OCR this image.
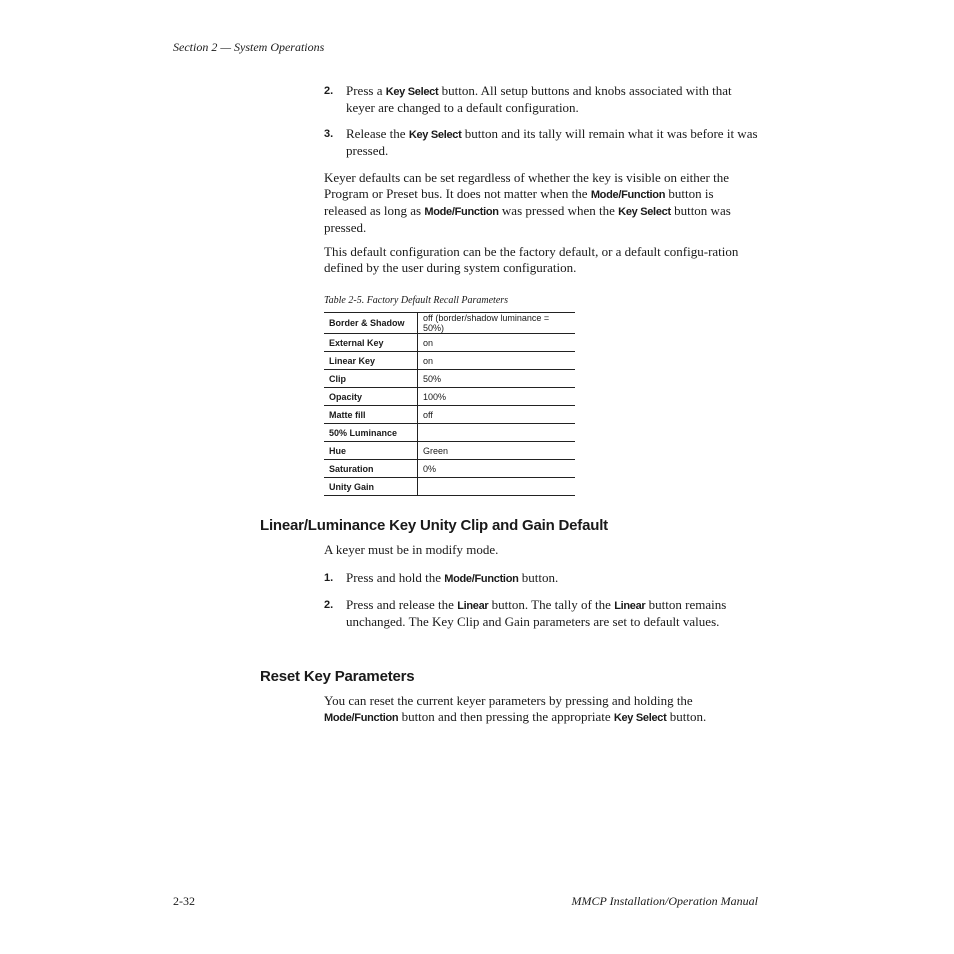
Section 2 — System Operations
2. Press a Key Select button. All setup buttons and knobs associated with that keyer are changed to a default configuration.
3. Release the Key Select button and its tally will remain what it was before it was pressed.
Keyer defaults can be set regardless of whether the key is visible on either the Program or Preset bus. It does not matter when the Mode/Function button is released as long as Mode/Function was pressed when the Key Select button was pressed.
This default configuration can be the factory default, or a default configu-ration defined by the user during system configuration.
Table 2-5. Factory Default Recall Parameters
Border & Shadow	off (border/shadow luminance = 50%)
External Key	on
Linear Key	on
Clip	50%
Opacity	100%
Matte fill	off
50% Luminance	
Hue	Green
Saturation	0%
Unity Gain	
Linear/Luminance Key Unity Clip and Gain Default
A keyer must be in modify mode.
1. Press and hold the Mode/Function button.
2. Press and release the Linear button. The tally of the Linear button remains unchanged. The Key Clip and Gain parameters are set to default values.
Reset Key Parameters
You can reset the current keyer parameters by pressing and holding the Mode/Function button and then pressing the appropriate Key Select button.
2-32	MMCP Installation/Operation Manual
